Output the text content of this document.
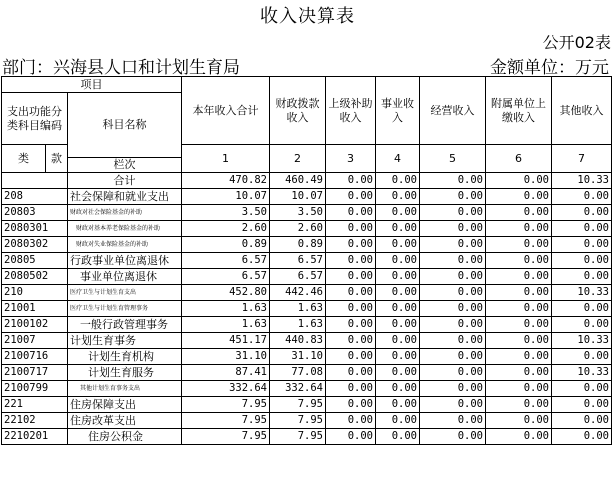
收入决算表
公开02表
部门：兴海县人口和计划生育局	金额单位：万元
项目			本年收入合计	财政拨款收入	上级补助收入	事业收入	经营收入	附属单位上缴收入	其他收入
支出功能分类科目编码		科目名称							

类	款		1	2	3	4	5	6	7
		栏次							
		合计	470.82	460.49	0.00	0.00	0.00	0.00	10.33
208		社会保障和就业支出	10.07	10.07	0.00	0.00	0.00	0.00	0.00
20803		财政对社会保险基金的补助	3.50	3.50	0.00	0.00	0.00	0.00	0.00
2080301		财政对基本养老保险基金的补助	2.60	2.60	0.00	0.00	0.00	0.00	0.00
2080302		财政对失业保险基金的补助	0.89	0.89	0.00	0.00	0.00	0.00	0.00
20805		行政事业单位离退休	6.57	6.57	0.00	0.00	0.00	0.00	0.00
2080502		事业单位离退休	6.57	6.57	0.00	0.00	0.00	0.00	0.00
210		医疗卫生与计划生育支出	452.80	442.46	0.00	0.00	0.00	0.00	10.33
21001		医疗卫生与计划生育管理事务	1.63	1.63	0.00	0.00	0.00	0.00	0.00
2100102		一般行政管理事务	1.63	1.63	0.00	0.00	0.00	0.00	0.00
21007		计划生育事务	451.17	440.83	0.00	0.00	0.00	0.00	10.33
2100716		计划生育机构	31.10	31.10	0.00	0.00	0.00	0.00	0.00
2100717		计划生育服务	87.41	77.08	0.00	0.00	0.00	0.00	10.33
2100799		其他计划生育事务支出	332.64	332.64	0.00	0.00	0.00	0.00	0.00
221		住房保障支出	7.95	7.95	0.00	0.00	0.00	0.00	0.00
22102		住房改革支出	7.95	7.95	0.00	0.00	0.00	0.00	0.00
2210201		住房公积金	7.95	7.95	0.00	0.00	0.00	0.00	0.00
